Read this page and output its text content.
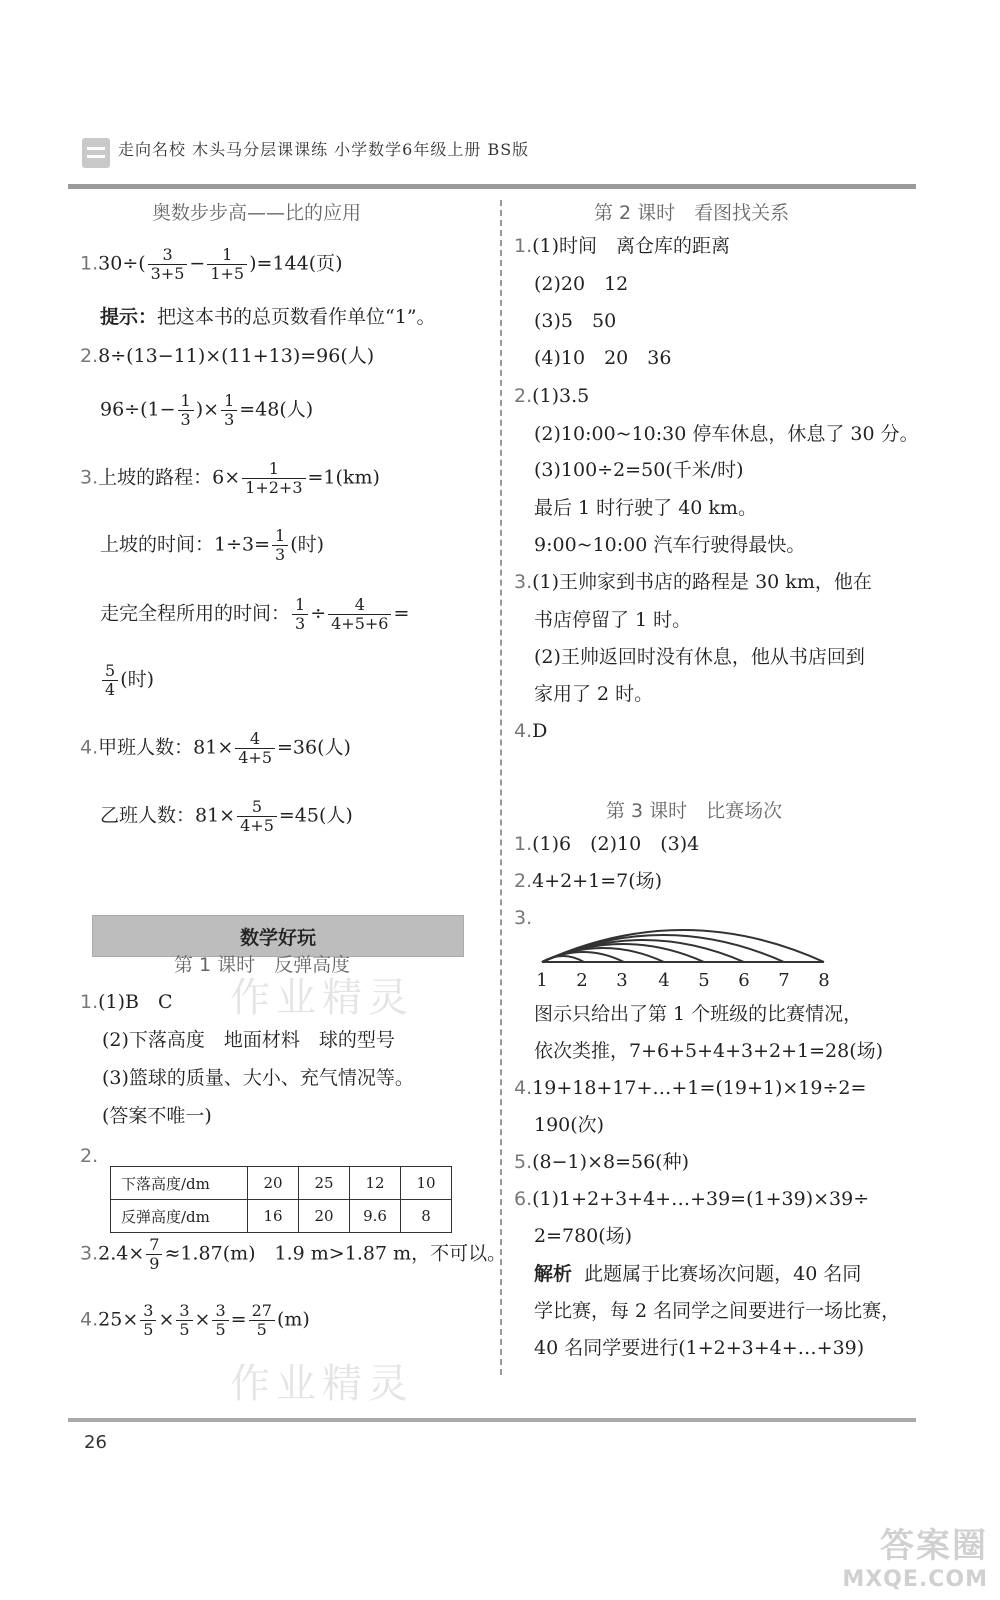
走向名校 木头马分层课课练 小学数学6年级上册 BS版
奥数步步高——比的应用
$1.30\div( \frac{3}{3+5} - \frac{1}{1+5} )=144$(页)
提示：把这本书的总页数看作单位“1”。
2.8÷(13−11)×(11+13)=96(人)
$96\div(1- \frac{1}{3}$ )× $\frac{1}{3} =48$(人)
3.上坡的路程：$6\times \frac{1}{1+2+3} =1(km)$
上坡的时间：$1\div 3= \frac{1}{3}$ (时)
走完全程所用的时间： $\frac{1}{3} \div \frac{4}{4+5+6}$ =
$\frac{5}{4}$ (时)
4.甲班人数：$81\times \frac{4}{4+5} =36$(人)
乙班人数：$81\times \frac{5}{4+5} =45$(人)
数学好玩
第 1 课时　反弹高度
1.(1)B　C
(2)下落高度　地面材料　球的型号
(3)篮球的质量、大小、充气情况等。
(答案不唯一)
2.
下落高度/dm	20	25	12	10
反弹高度/dm	16	20	9.6	8
$3.2.4\times \frac{7}{9} \approx 1.87(m)$　1.9 m>1.87 m，不可以。
$4.25\times \frac{3}{5} \times \frac{3}{5} \times \frac{3}{5} = \frac{27}{5} (m)$
第 2 课时　看图找关系
1.(1)时间　离仓库的距离
(2)20　12
(3)5　50
(4)10　20　36
2.(1)3.5
(2)10:00~10:30 停车休息，休息了 30 分。
(3)100÷2=50(千米/时)
最后 1 时行驶了 40 km。
9:00~10:00 汽车行驶得最快。
3.(1)王帅家到书店的路程是 30 km，他在
书店停留了 1 时。
(2)王帅返回时没有休息，他从书店回到
家用了 2 时。
4.D
第 3 课时　比赛场次
1.(1)6　(2)10　(3)4
2.4+2+1=7(场)
3.
1 2 3 4 5 6 7 8
图示只给出了第 1 个班级的比赛情况，
依次类推，7+6+5+4+3+2+1=28(场)
4.19+18+17+…+1=(19+1)×19÷2=
190(次)
5.(8−1)×8=56(种)
6.(1)1+2+3+4+…+39=(1+39)×39÷
2=780(场)
解析 此题属于比赛场次问题，40 名同
学比赛，每 2 名同学之间要进行一场比赛，
40 名同学要进行(1+2+3+4+…+39)
作业精灵
作业精灵
26
答案圈
MXQE.COM
